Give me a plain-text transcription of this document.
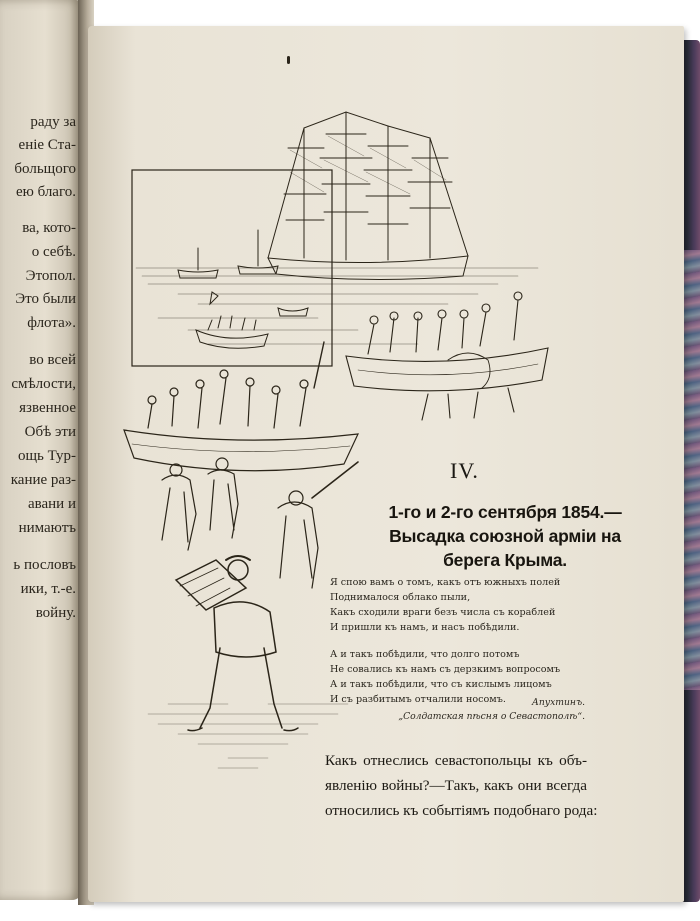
раду за
еніе Ста-
больщого
ею благо.
ва, кото-
о себѣ.
Этопол.
Это были
флота».
во всей
смѣлости,
язвенное
Обѣ эти
ощь Тур-
кание раз-
авани и
нимаютъ
ь пословъ
ики, т.-е.
войну.
IV.
1-го и 2-го сентября 1854.—
Высадка союзной арміи на
берега Крыма.
Я спою вамъ о томъ, какъ отъ южныхъ полей
Поднималося облако пыли,
Какъ сходили враги безъ числа съ кораблей
И пришли къ намъ, и насъ побѣдили.
А и такъ побѣдили, что долго потомъ
Не совались къ намъ съ дерзкимъ вопросомъ
А и такъ побѣдили, что съ кислымъ лицомъ
И съ разбитымъ отчалили носомъ.	Апухтинъ.
„Солдатская пѣсня о Севастополѣ“.
Какъ отнеслись севастопольцы къ объ-
явленію войны?—Такъ, какъ они всегда
относились къ событіямъ подобнаго рода:
